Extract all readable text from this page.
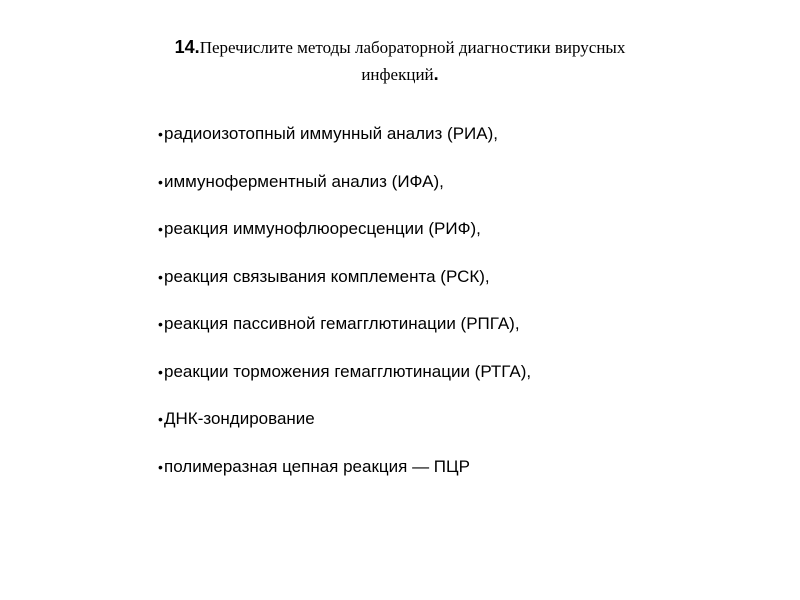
14.Перечислите методы лабораторной диагностики вирусных
инфекций.
•радиоизотопный иммунный анализ (РИА),
•иммуноферментный анализ (ИФА),
•реакция иммунофлюоресценции (РИФ),
•реакция связывания комплемента (РСК),
•реакция пассивной гемагглютинации (РПГА),
•реакции торможения гемагглютинации (РТГА),
•ДНК-зондирование
•полимеразная цепная реакция — ПЦР
